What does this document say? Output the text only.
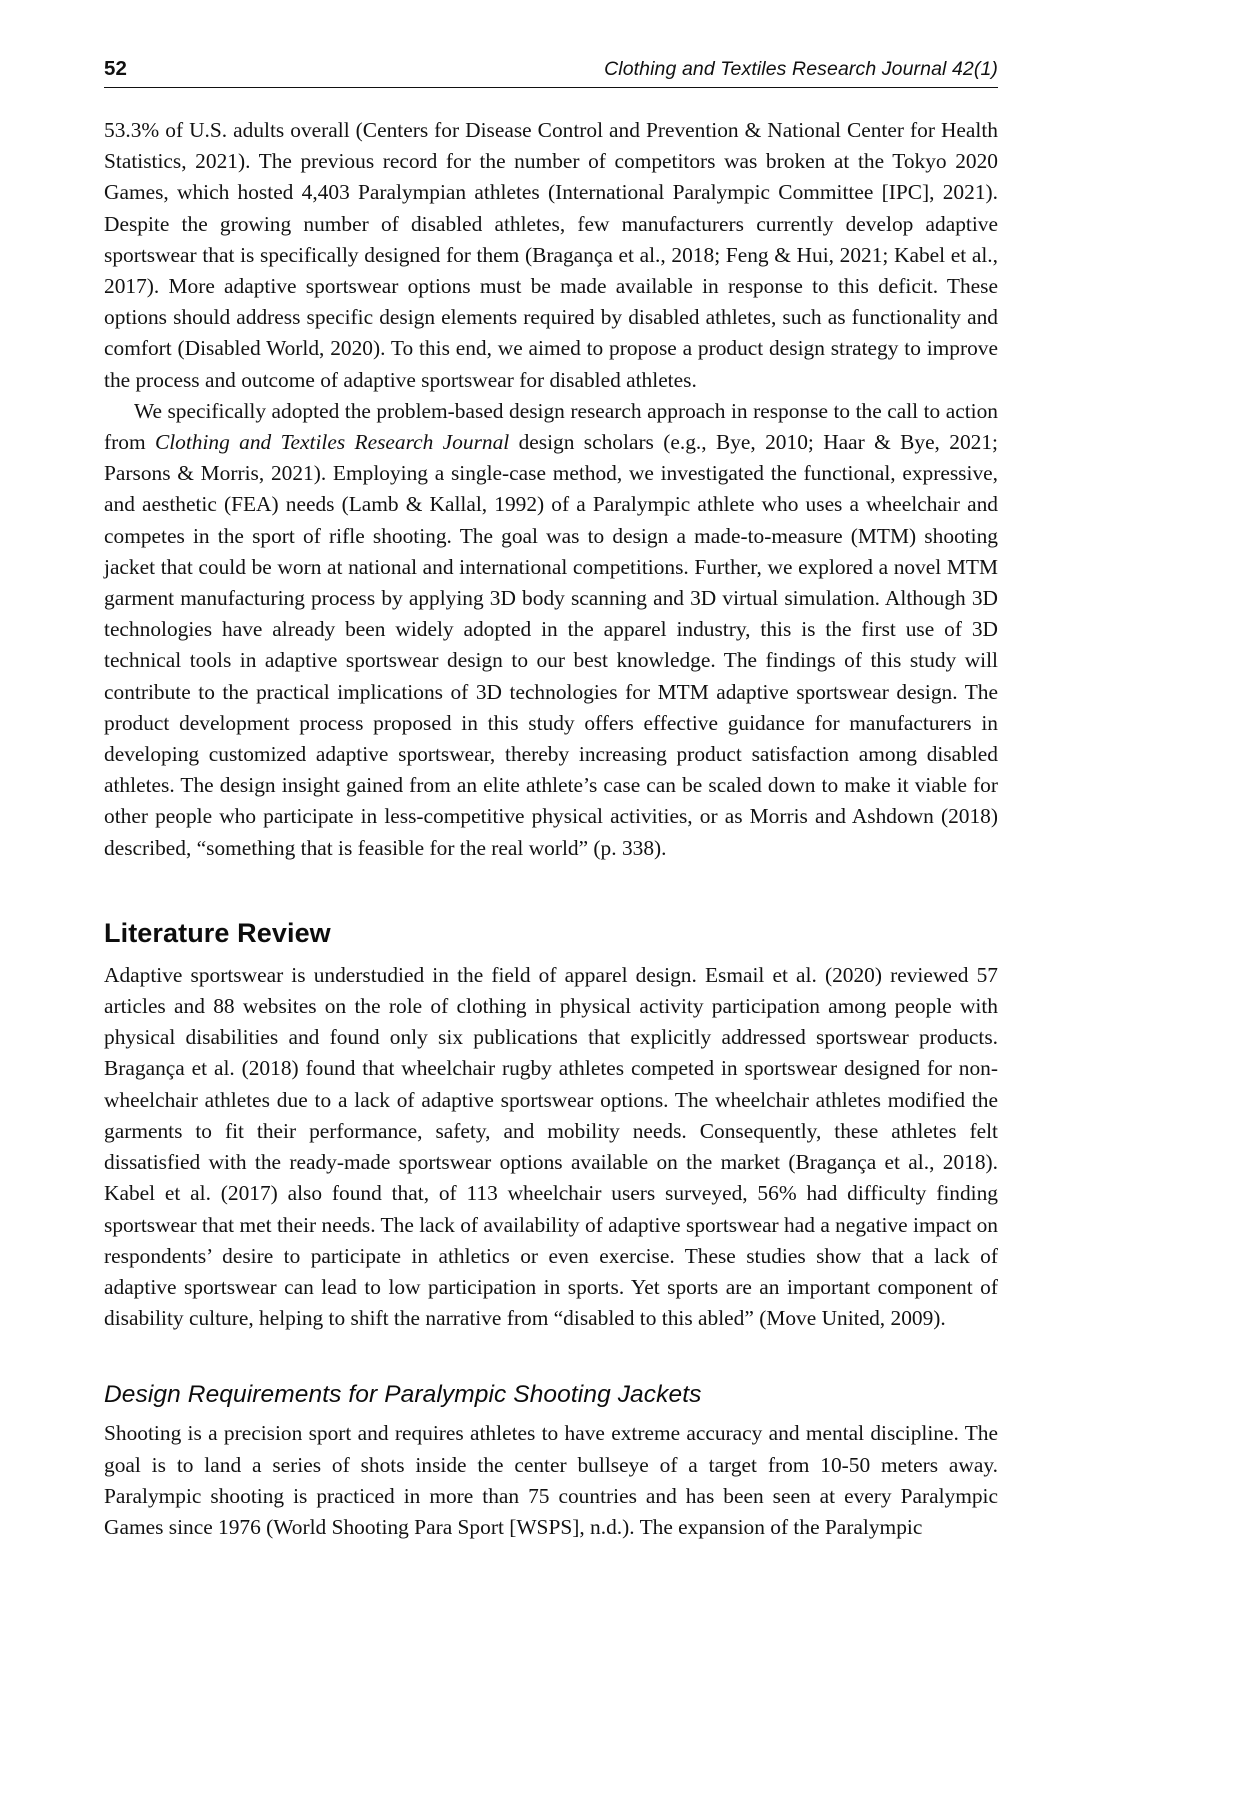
52	Clothing and Textiles Research Journal 42(1)

53.3% of U.S. adults overall (Centers for Disease Control and Prevention & National Center for Health Statistics, 2021). The previous record for the number of competitors was broken at the Tokyo 2020 Games, which hosted 4,403 Paralympian athletes (International Paralympic Committee [IPC], 2021). Despite the growing number of disabled athletes, few manufacturers currently develop adaptive sportswear that is specifically designed for them (Bragança et al., 2018; Feng & Hui, 2021; Kabel et al., 2017). More adaptive sportswear options must be made available in response to this deficit. These options should address specific design elements required by disabled athletes, such as functionality and comfort (Disabled World, 2020). To this end, we aimed to propose a product design strategy to improve the process and outcome of adaptive sportswear for disabled athletes.

We specifically adopted the problem-based design research approach in response to the call to action from Clothing and Textiles Research Journal design scholars (e.g., Bye, 2010; Haar & Bye, 2021; Parsons & Morris, 2021). Employing a single-case method, we investigated the functional, expressive, and aesthetic (FEA) needs (Lamb & Kallal, 1992) of a Paralympic athlete who uses a wheelchair and competes in the sport of rifle shooting. The goal was to design a made-to-measure (MTM) shooting jacket that could be worn at national and international competitions. Further, we explored a novel MTM garment manufacturing process by applying 3D body scanning and 3D virtual simulation. Although 3D technologies have already been widely adopted in the apparel industry, this is the first use of 3D technical tools in adaptive sportswear design to our best knowledge. The findings of this study will contribute to the practical implications of 3D technologies for MTM adaptive sportswear design. The product development process proposed in this study offers effective guidance for manufacturers in developing customized adaptive sportswear, thereby increasing product satisfaction among disabled athletes. The design insight gained from an elite athlete’s case can be scaled down to make it viable for other people who participate in less-competitive physical activities, or as Morris and Ashdown (2018) described, “something that is feasible for the real world” (p. 338).

Literature Review

Adaptive sportswear is understudied in the field of apparel design. Esmail et al. (2020) reviewed 57 articles and 88 websites on the role of clothing in physical activity participation among people with physical disabilities and found only six publications that explicitly addressed sportswear products. Bragança et al. (2018) found that wheelchair rugby athletes competed in sportswear designed for non-wheelchair athletes due to a lack of adaptive sportswear options. The wheelchair athletes modified the garments to fit their performance, safety, and mobility needs. Consequently, these athletes felt dissatisfied with the ready-made sportswear options available on the market (Bragança et al., 2018). Kabel et al. (2017) also found that, of 113 wheelchair users surveyed, 56% had difficulty finding sportswear that met their needs. The lack of availability of adaptive sportswear had a negative impact on respondents’ desire to participate in athletics or even exercise. These studies show that a lack of adaptive sportswear can lead to low participation in sports. Yet sports are an important component of disability culture, helping to shift the narrative from “disabled to this abled” (Move United, 2009).

Design Requirements for Paralympic Shooting Jackets

Shooting is a precision sport and requires athletes to have extreme accuracy and mental discipline. The goal is to land a series of shots inside the center bullseye of a target from 10-50 meters away. Paralympic shooting is practiced in more than 75 countries and has been seen at every Paralympic Games since 1976 (World Shooting Para Sport [WSPS], n.d.). The expansion of the Paralympic
